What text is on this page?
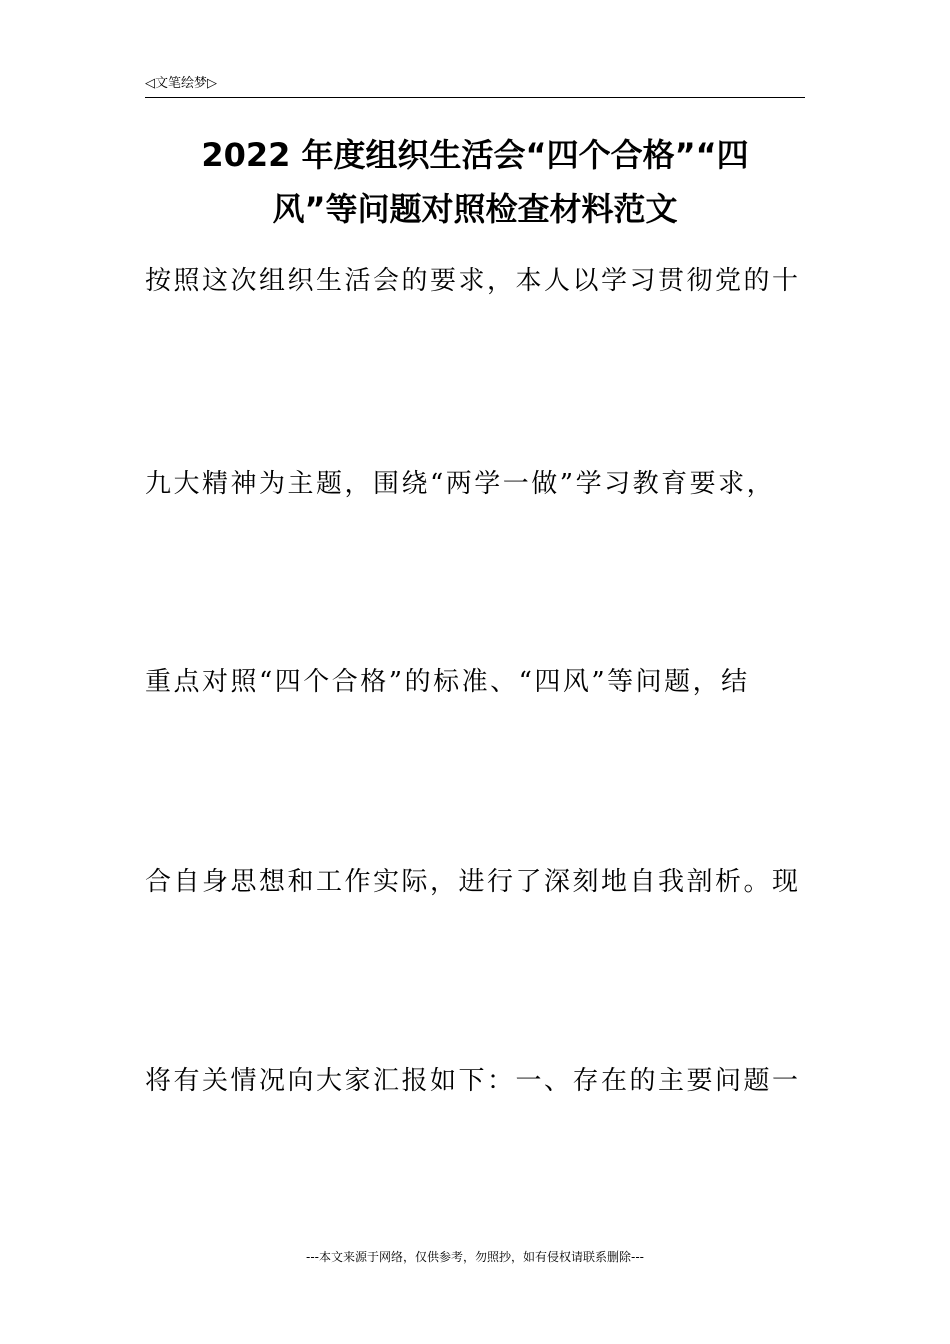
◁文笔绘梦▷
2022 年度组织生活会“四个合格”“四
风”等问题对照检查材料范文
按照这次组织生活会的要求，本人以学习贯彻党的十
九大精神为主题，围绕“两学一做”学习教育要求，
重点对照“四个合格”的标准、“四风”等问题，结
合自身思想和工作实际，进行了深刻地自我剖析。现
将有关情况向大家汇报如下：一、存在的主要问题一
---本文来源于网络，仅供参考，勿照抄，如有侵权请联系删除---
